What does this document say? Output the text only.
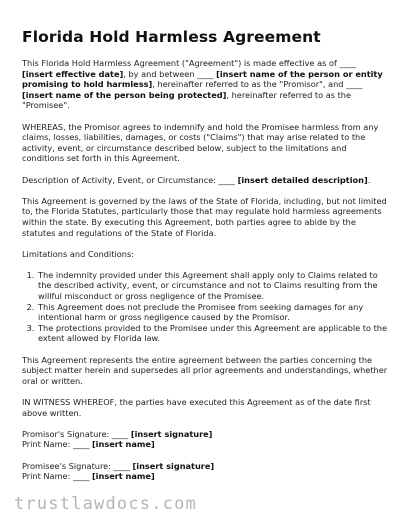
Florida Hold Harmless Agreement

This Florida Hold Harmless Agreement ("Agreement") is made effective as of ____ [insert effective date], by and between ____ [insert name of the person or entity promising to hold harmless], hereinafter referred to as the "Promisor", and ____ [insert name of the person being protected], hereinafter referred to as the "Promisee".

WHEREAS, the Promisor agrees to indemnify and hold the Promisee harmless from any claims, losses, liabilities, damages, or costs ("Claims") that may arise related to the activity, event, or circumstance described below, subject to the limitations and conditions set forth in this Agreement.

Description of Activity, Event, or Circumstance: ____ [insert detailed description].

This Agreement is governed by the laws of the State of Florida, including, but not limited to, the Florida Statutes, particularly those that may regulate hold harmless agreements within the state. By executing this Agreement, both parties agree to abide by the statutes and regulations of the State of Florida.

Limitations and Conditions:

1. The indemnity provided under this Agreement shall apply only to Claims related to the described activity, event, or circumstance and not to Claims resulting from the willful misconduct or gross negligence of the Promisee.
2. This Agreement does not preclude the Promisee from seeking damages for any intentional harm or gross negligence caused by the Promisor.
3. The protections provided to the Promisee under this Agreement are applicable to the extent allowed by Florida law.

This Agreement represents the entire agreement between the parties concerning the subject matter herein and supersedes all prior agreements and understandings, whether oral or written.

IN WITNESS WHEREOF, the parties have executed this Agreement as of the date first above written.

Promisor's Signature: ____ [insert signature]
Print Name: ____ [insert name]
Promisee's Signature: ____ [insert signature]
Print Name: ____ [insert name]
trustlawdocs.com
